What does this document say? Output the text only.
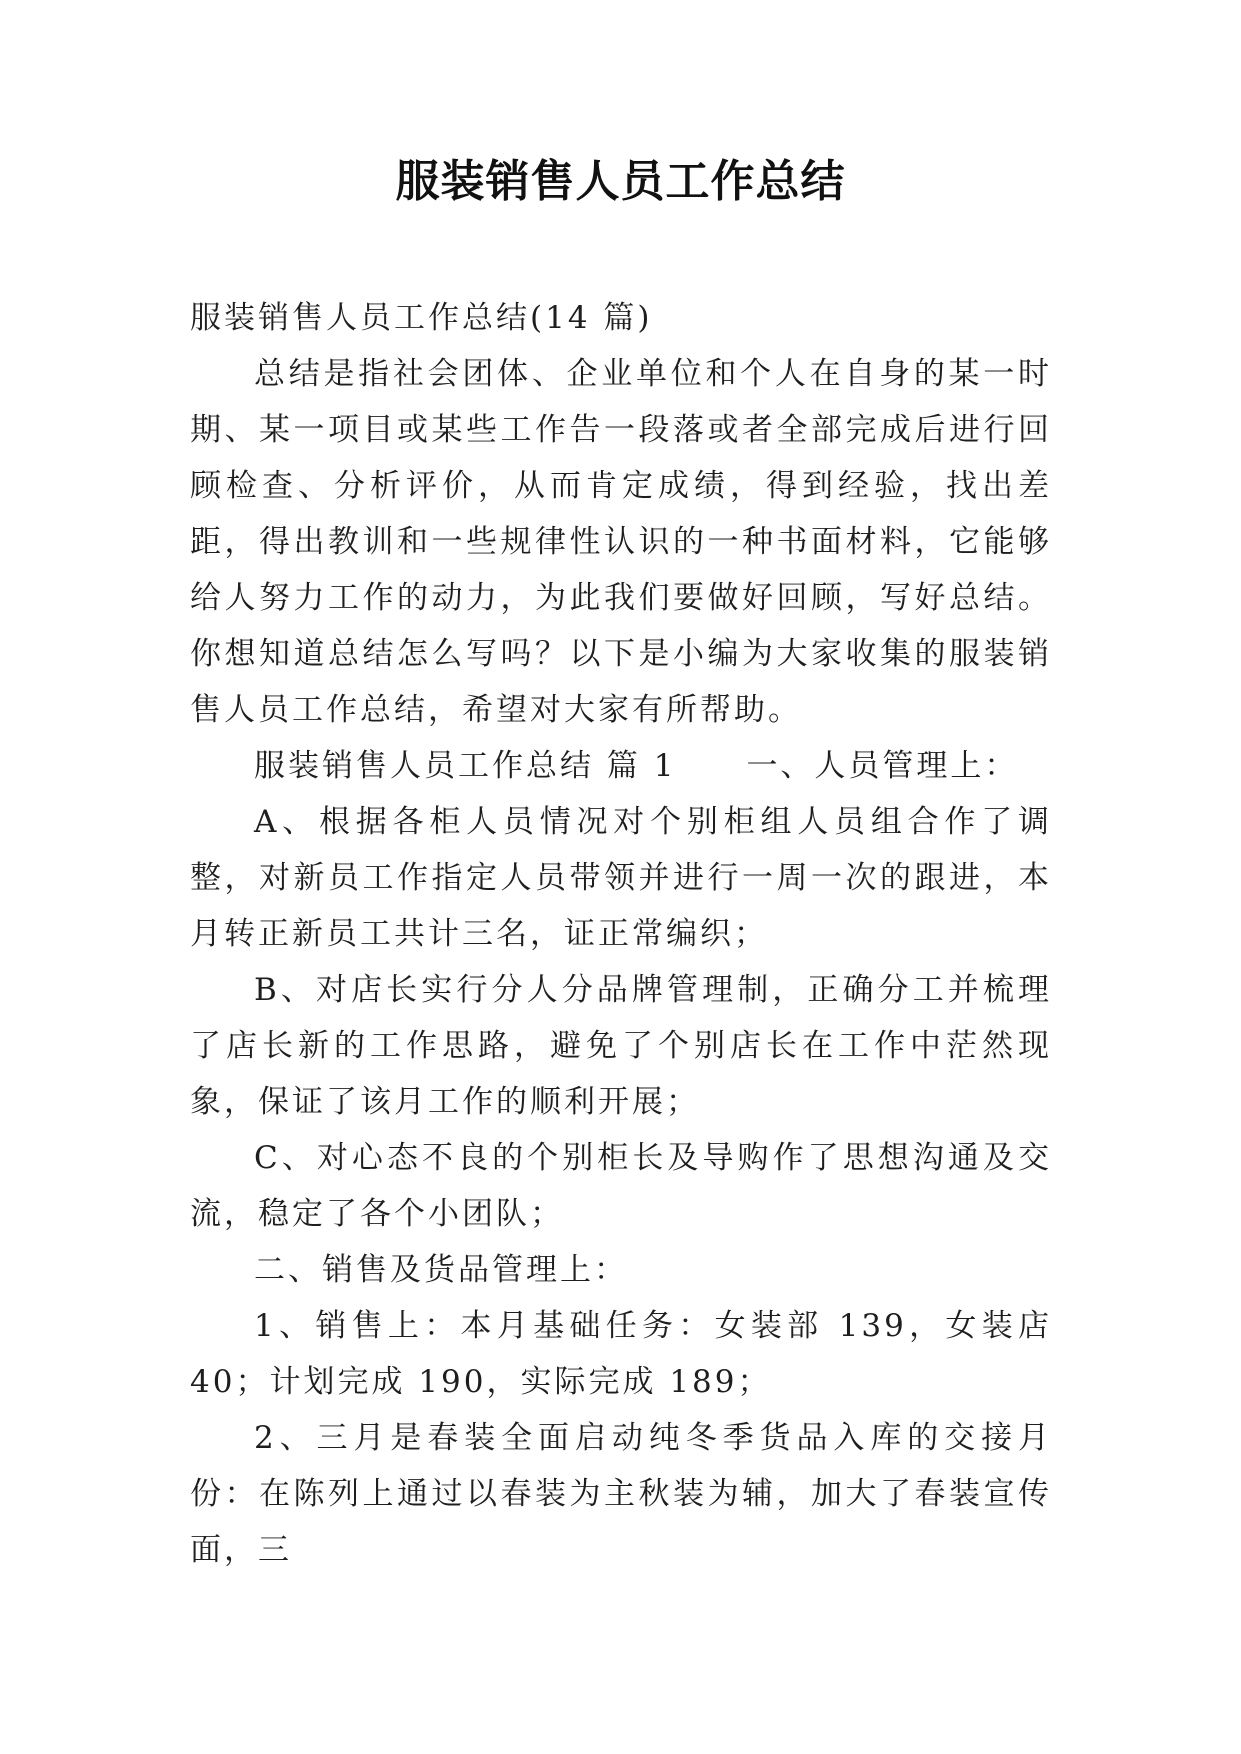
服装销售人员工作总结

服装销售人员工作总结(14 篇)

总结是指社会团体、企业单位和个人在自身的某一时期、某一项目或某些工作告一段落或者全部完成后进行回顾检查、分析评价，从而肯定成绩，得到经验，找出差距，得出教训和一些规律性认识的一种书面材料，它能够给人努力工作的动力，为此我们要做好回顾，写好总结。你想知道总结怎么写吗？以下是小编为大家收集的服装销售人员工作总结，希望对大家有所帮助。

服装销售人员工作总结 篇 1 一、人员管理上：

A、根据各柜人员情况对个别柜组人员组合作了调整，对新员工作指定人员带领并进行一周一次的跟进，本月转正新员工共计三名，证正常编织；

B、对店长实行分人分品牌管理制，正确分工并梳理了店长新的工作思路，避免了个别店长在工作中茫然现象，保证了该月工作的顺利开展；

C、对心态不良的个别柜长及导购作了思想沟通及交流，稳定了各个小团队；

二、销售及货品管理上：

1、销售上：本月基础任务：女装部 139，女装店 40；计划完成 190，实际完成 189；

2、三月是春装全面启动纯冬季货品入库的交接月份：在陈列上通过以春装为主秋装为辅，加大了春装宣传面，三
